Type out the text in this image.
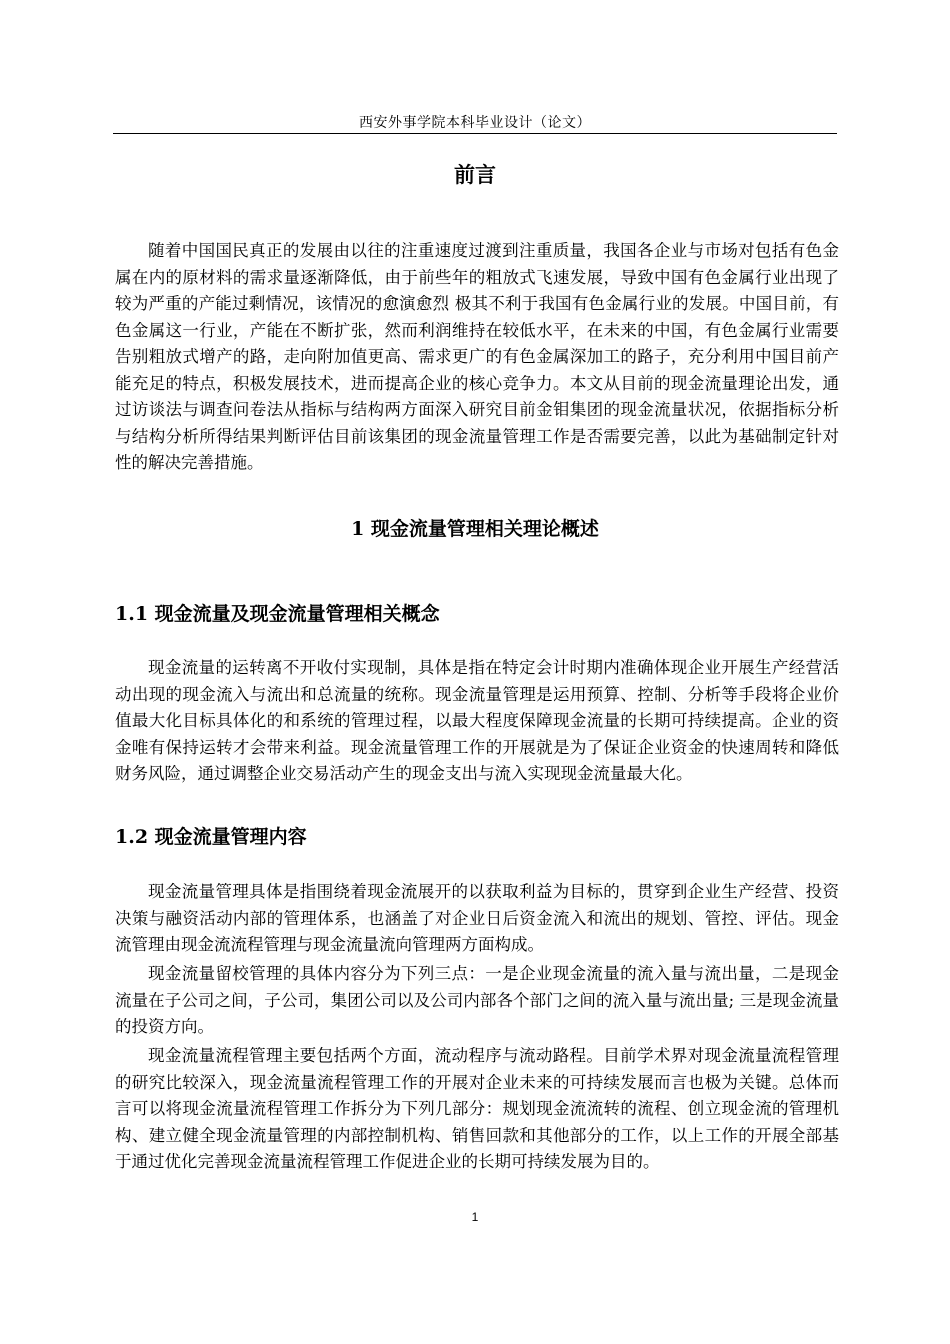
西安外事学院本科毕业设计（论文）
前言

随着中国国民真正的发展由以往的注重速度过渡到注重质量，我国各企业与市场对包括有色金属在内的原材料的需求量逐渐降低，由于前些年的粗放式飞速发展，导致中国有色金属行业出现了较为严重的产能过剩情况，该情况的愈演愈烈 极其不利于我国有色金属行业的发展。中国目前，有色金属这一行业，产能在不断扩张，然而利润维持在较低水平，在未来的中国，有色金属行业需要告别粗放式增产的路，走向附加值更高、需求更广的有色金属深加工的路子，充分利用中国目前产能充足的特点，积极发展技术，进而提高企业的核心竞争力。本文从目前的现金流量理论出发，通过访谈法与调查问卷法从指标与结构两方面深入研究目前金钼集团的现金流量状况，依据指标分析与结构分析所得结果判断评估目前该集团的现金流量管理工作是否需要完善，以此为基础制定针对性的解决完善措施。

1 现金流量管理相关理论概述
1.1 现金流量及现金流量管理相关概念

现金流量的运转离不开收付实现制，具体是指在特定会计时期内准确体现企业开展生产经营活动出现的现金流入与流出和总流量的统称。现金流量管理是运用预算、控制、分析等手段将企业价值最大化目标具体化的和系统的管理过程，以最大程度保障现金流量的长期可持续提高。企业的资金唯有保持运转才会带来利益。现金流量管理工作的开展就是为了保证企业资金的快速周转和降低财务风险，通过调整企业交易活动产生的现金支出与流入实现现金流量最大化。

1.2 现金流量管理内容

现金流量管理具体是指围绕着现金流展开的以获取利益为目标的，贯穿到企业生产经营、投资决策与融资活动内部的管理体系，也涵盖了对企业日后资金流入和流出的规划、管控、评估。现金流管理由现金流流程管理与现金流量流向管理两方面构成。

现金流量留校管理的具体内容分为下列三点：一是企业现金流量的流入量与流出量，二是现金流量在子公司之间，子公司，集团公司以及公司内部各个部门之间的流入量与流出量; 三是现金流量的投资方向。

现金流量流程管理主要包括两个方面，流动程序与流动路程。目前学术界对现金流量流程管理的研究比较深入，现金流量流程管理工作的开展对企业未来的可持续发展而言也极为关键。总体而言可以将现金流量流程管理工作拆分为下列几部分：规划现金流流转的流程、创立现金流的管理机构、建立健全现金流量管理的内部控制机构、销售回款和其他部分的工作，以上工作的开展全部基于通过优化完善现金流量流程管理工作促进企业的长期可持续发展为目的。

1
